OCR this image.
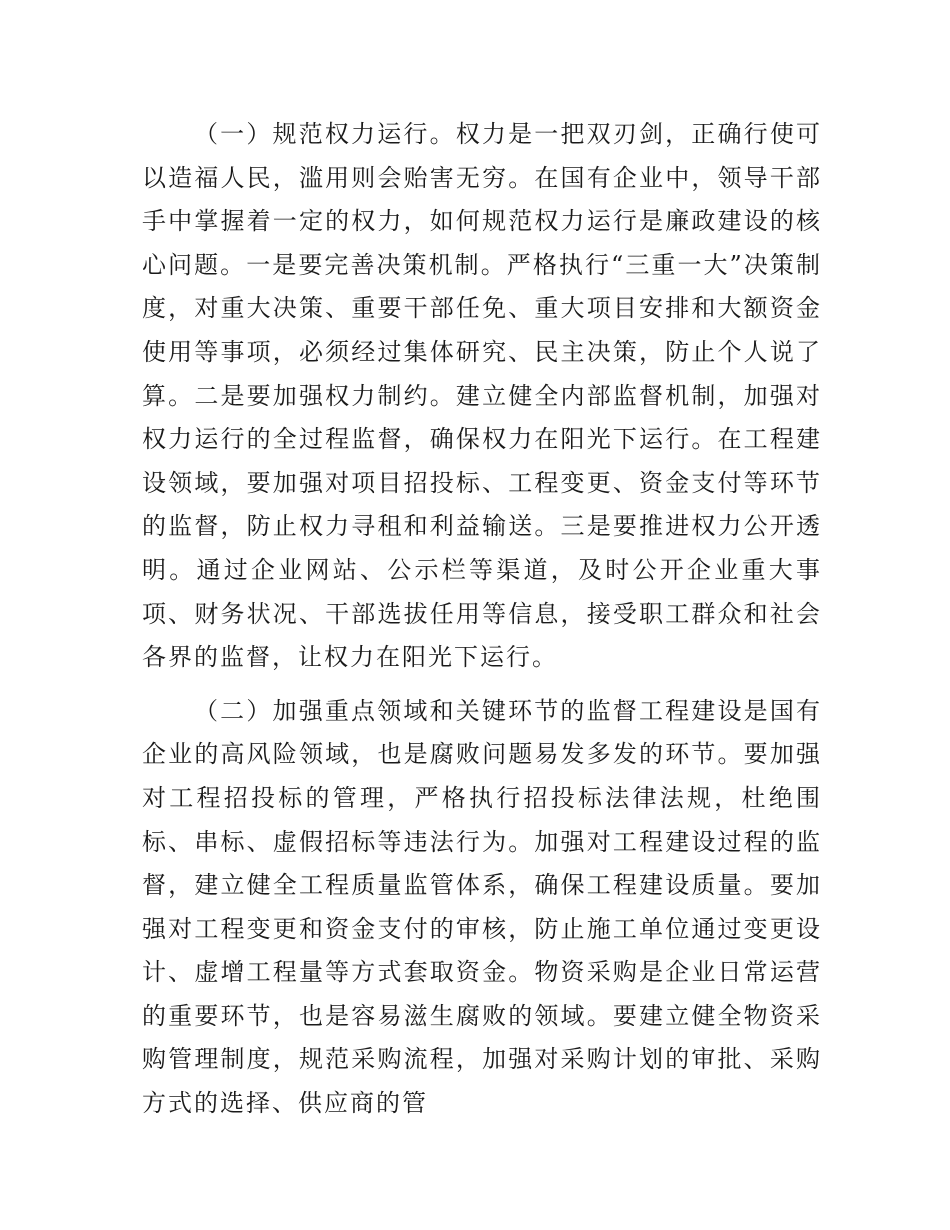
（一）规范权力运行。权力是一把双刃剑，正确行使可以造福人民，滥用则会贻害无穷。在国有企业中，领导干部手中掌握着一定的权力，如何规范权力运行是廉政建设的核心问题。一是要完善决策机制。严格执行“三重一大”决策制度，对重大决策、重要干部任免、重大项目安排和大额资金使用等事项，必须经过集体研究、民主决策，防止个人说了算。二是要加强权力制约。建立健全内部监督机制，加强对权力运行的全过程监督，确保权力在阳光下运行。在工程建设领域，要加强对项目招投标、工程变更、资金支付等环节的监督，防止权力寻租和利益输送。三是要推进权力公开透明。通过企业网站、公示栏等渠道，及时公开企业重大事项、财务状况、干部选拔任用等信息，接受职工群众和社会各界的监督，让权力在阳光下运行。

（二）加强重点领域和关键环节的监督工程建设是国有企业的高风险领域，也是腐败问题易发多发的环节。要加强对工程招投标的管理，严格执行招投标法律法规，杜绝围标、串标、虚假招标等违法行为。加强对工程建设过程的监督，建立健全工程质量监管体系，确保工程建设质量。要加强对工程变更和资金支付的审核，防止施工单位通过变更设计、虚增工程量等方式套取资金。物资采购是企业日常运营的重要环节，也是容易滋生腐败的领域。要建立健全物资采购管理制度，规范采购流程，加强对采购计划的审批、采购方式的选择、供应商的管
